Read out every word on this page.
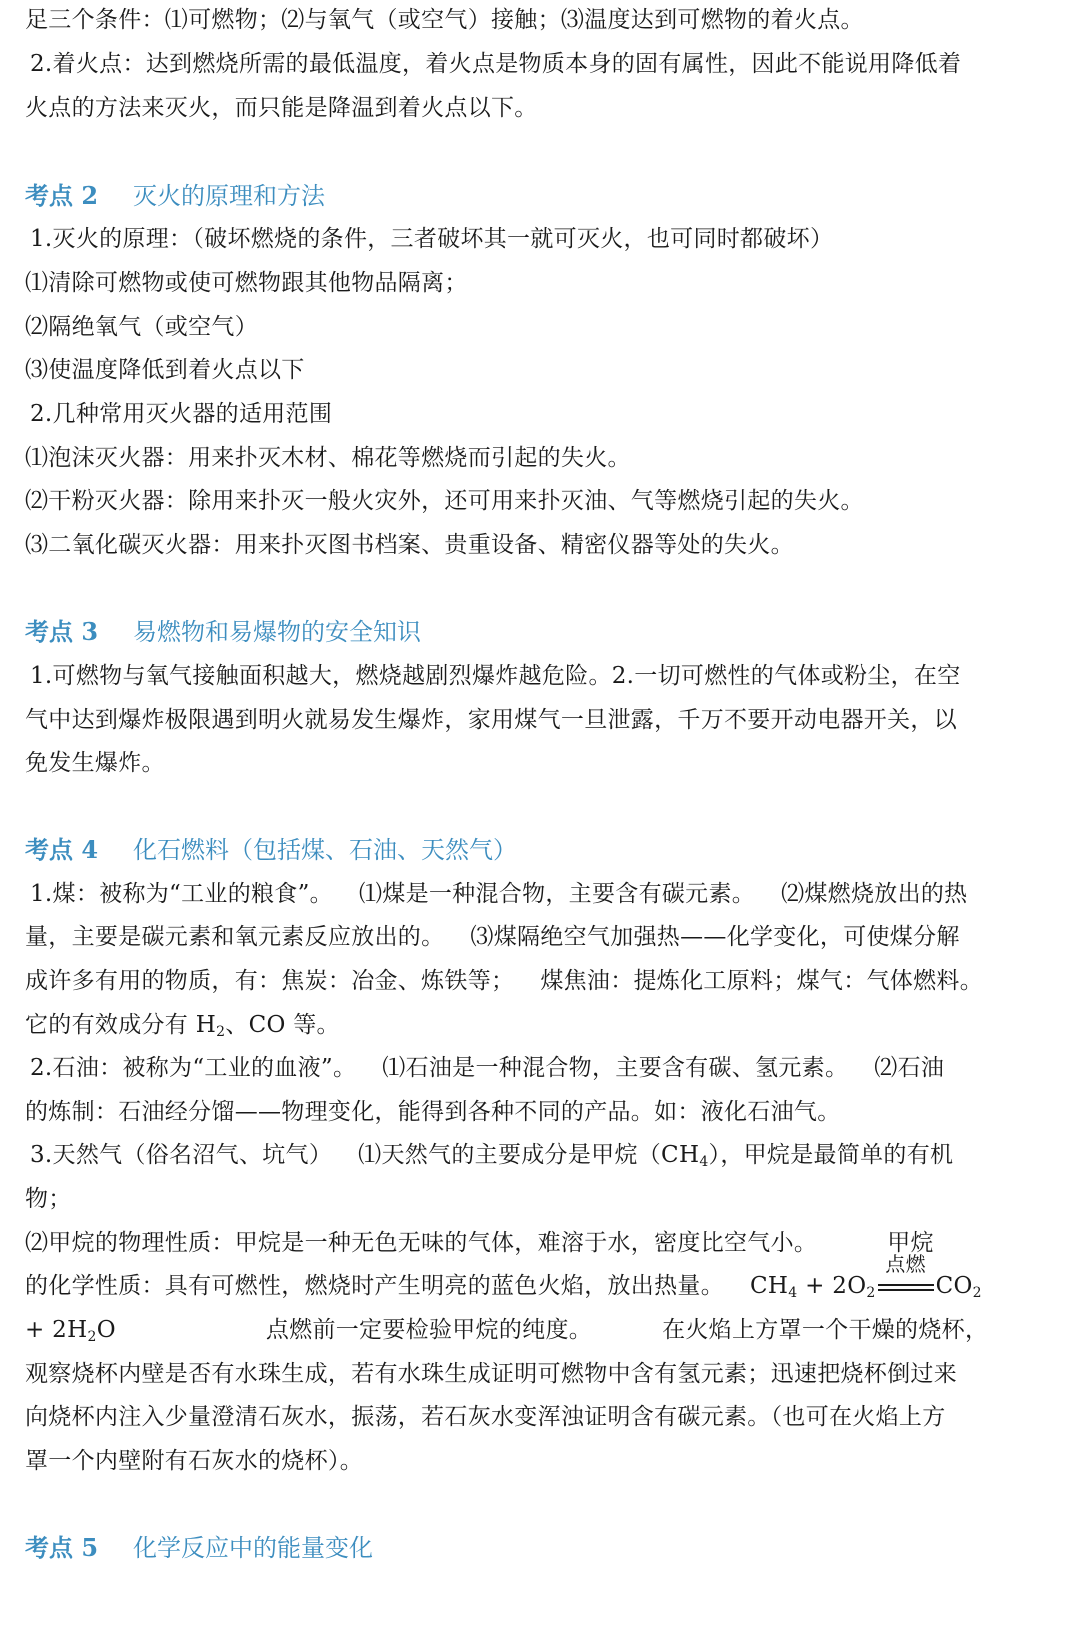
足三个条件：⑴可燃物；⑵与氧气（或空气）接触；⑶温度达到可燃物的着火点。
2.着火点：达到燃烧所需的最低温度，着火点是物质本身的固有属性，因此不能说用降低着
火点的方法来灭火，而只能是降温到着火点以下。
考点 2 灭火的原理和方法
1.灭火的原理：（破坏燃烧的条件，三者破坏其一就可灭火，也可同时都破坏）
⑴清除可燃物或使可燃物跟其他物品隔离；
⑵隔绝氧气（或空气）
⑶使温度降低到着火点以下
2.几种常用灭火器的适用范围
⑴泡沫灭火器：用来扑灭木材、棉花等燃烧而引起的失火。
⑵干粉灭火器：除用来扑灭一般火灾外，还可用来扑灭油、气等燃烧引起的失火。
⑶二氧化碳灭火器：用来扑灭图书档案、贵重设备、精密仪器等处的失火。
考点 3 易燃物和易爆物的安全知识
1.可燃物与氧气接触面积越大，燃烧越剧烈爆炸越危险。2.一切可燃性的气体或粉尘，在空
气中达到爆炸极限遇到明火就易发生爆炸，家用煤气一旦泄露，千万不要开动电器开关，以
免发生爆炸。
考点 4 化石燃料（包括煤、石油、天然气）
1.煤：被称为“工业的粮食”。 ⑴煤是一种混合物，主要含有碳元素。 ⑵煤燃烧放出的热
量，主要是碳元素和氧元素反应放出的。 ⑶煤隔绝空气加强热——化学变化，可使煤分解
成许多有用的物质，有：焦炭：冶金、炼铁等； 煤焦油：提炼化工原料；煤气：气体燃料。
它的有效成分有 $H_2$、CO 等。
2.石油：被称为“工业的血液”。 ⑴石油是一种混合物，主要含有碳、氢元素。 ⑵石油
的炼制：石油经分馏——物理变化，能得到各种不同的产品。如：液化石油气。
3.天然气（俗名沼气、坑气） ⑴天然气的主要成分是甲烷$(CH_4)$，甲烷是最简单的有机
物；
⑵甲烷的物理性质：甲烷是一种无色无味的气体，难溶于水，密度比空气小。	甲烷
的化学性质：具有可燃性，燃烧时产生明亮的蓝色火焰，放出热量。 $CH_4 + 2O_2$
点燃
$CO_2$
+ $2H_2O$	点燃前一定要检验甲烷的纯度。	在火焰上方罩一个干燥的烧杯，
观察烧杯内壁是否有水珠生成，若有水珠生成证明可燃物中含有氢元素；迅速把烧杯倒过来
向烧杯内注入少量澄清石灰水，振荡，若石灰水变浑浊证明含有碳元素。（也可在火焰上方
罩一个内壁附有石灰水的烧杯）。
考点 5 化学反应中的能量变化
